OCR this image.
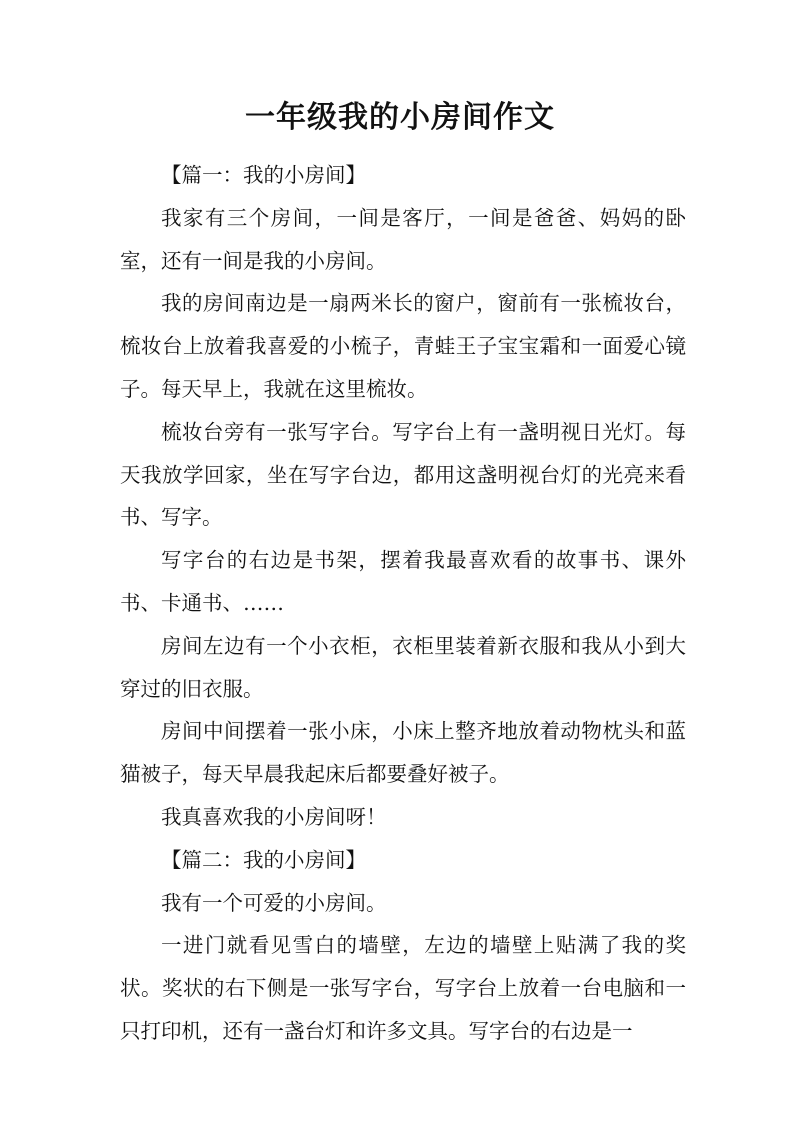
一年级我的小房间作文

【篇一：我的小房间】

我家有三个房间，一间是客厅，一间是爸爸、妈妈的卧室，还有一间是我的小房间。

我的房间南边是一扇两米长的窗户，窗前有一张梳妆台，梳妆台上放着我喜爱的小梳子，青蛙王子宝宝霜和一面爱心镜子。每天早上，我就在这里梳妆。

梳妆台旁有一张写字台。写字台上有一盏明视日光灯。每天我放学回家，坐在写字台边，都用这盏明视台灯的光亮来看书、写字。

写字台的右边是书架，摆着我最喜欢看的故事书、课外书、卡通书、……

房间左边有一个小衣柜，衣柜里装着新衣服和我从小到大穿过的旧衣服。

房间中间摆着一张小床，小床上整齐地放着动物枕头和蓝猫被子，每天早晨我起床后都要叠好被子。

我真喜欢我的小房间呀！

【篇二：我的小房间】

我有一个可爱的小房间。

一进门就看见雪白的墙壁，左边的墙壁上贴满了我的奖状。奖状的右下侧是一张写字台，写字台上放着一台电脑和一只打印机，还有一盏台灯和许多文具。写字台的右边是一
